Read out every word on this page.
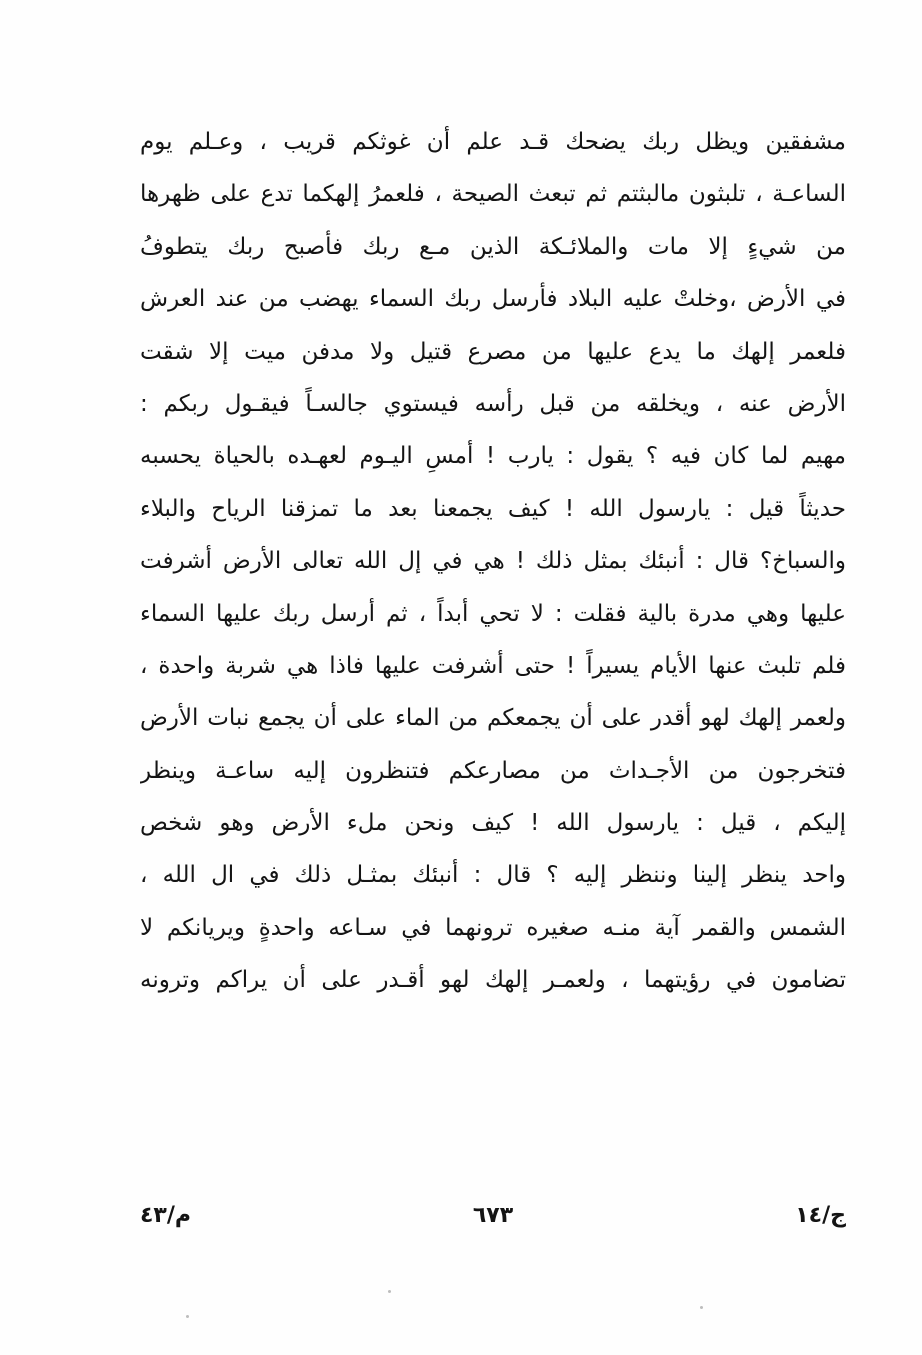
مشفقين ويظل ربك يضحك قـد علم أن غوثكم قريب ، وعـلم يوم
الساعـة ، تلبثون مالبثتم ثم تبعث الصيحة ، فلعمرُ إلهكما تدع على ظهرها
من شيءٍ إلا مات والملائـكة الذين مـع ربك فأصبح ربك يتطوفُ
في الأرض ،وخلتْ عليه البلاد فأرسل ربك السماء يهضب من عند العرش
فلعمر إلهك ما يدع عليها من مصرع قتيل ولا مدفن ميت إلا شقت
الأرض عنه ، ويخلقه من قبل رأسه فيستوي جالسـاً فيقـول ربكم :
مهيم لما كان فيه ؟ يقول : يارب ! أمسِ اليـوم لعهـده بالحياة يحسبه
حديثاً قيل : يارسول الله ! كيف يجمعنا بعد ما تمزقنا الرياح والبلاء
والسباخ؟ قال : أنبئك بمثل ذلك ! هي في إل الله تعالى الأرض أشرفت
عليها وهي مدرة بالية فقلت : لا تحي أبداً ، ثم أرسل ربك عليها السماء
فلم تلبث عنها الأيام يسيراً ! حتى أشرفت عليها فاذا هي شربة واحدة ،
ولعمر إلهك لهو أقدر على أن يجمعكم من الماء على أن يجمع نبات الأرض
فتخرجون من الأجـداث من مصارعكم فتنظرون إليه ساعـة وينظر
إليكم ، قيل : يارسول الله ! كيف ونحن ملء الأرض وهو شخص
واحد ينظر إلينا وننظر إليه ؟ قال : أنبئك بمثـل ذلك في ال الله ،
الشمس والقمر آية منـه صغيره ترونهما في سـاعه واحدةٍ ويريانكم لا
تضامون في رؤيتهما ، ولعمـر إلهك لهو أقـدر على أن يراكم وترونه
ج/١٤
٦٧٣
م/٤٣
